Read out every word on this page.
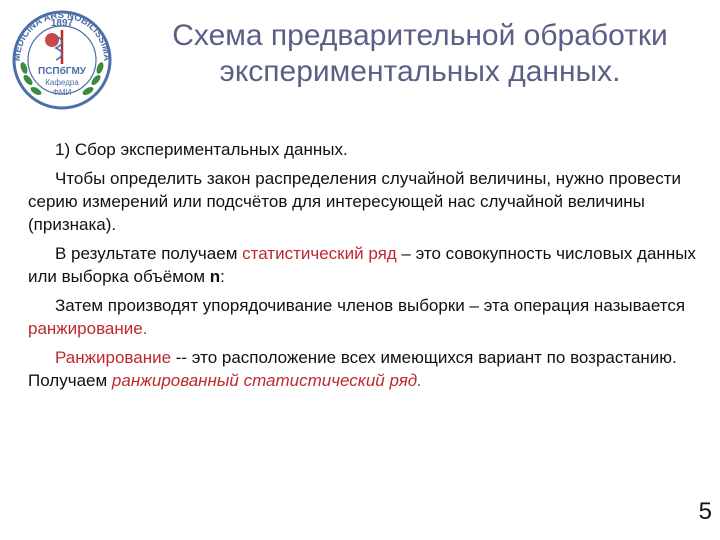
MEDICINA ARS NOBILISSIMA
1897
ПСПбГМУ
Кафедра
ФМИ
Схема предварительной обработки
экспериментальных данных.

1) Сбор экспериментальных данных.

Чтобы определить закон распределения случайной величины, нужно провести серию измерений или подсчётов для интересующей нас случайной величины (признака).

В результате получаем статистический ряд – это совокупность числовых данных или выборка объёмом n:

Затем производят упорядочивание членов выборки – эта операция называется ранжирование.

Ранжирование -- это расположение всех имеющихся вариант по возрастанию. Получаем ранжированный статистический ряд.

5
